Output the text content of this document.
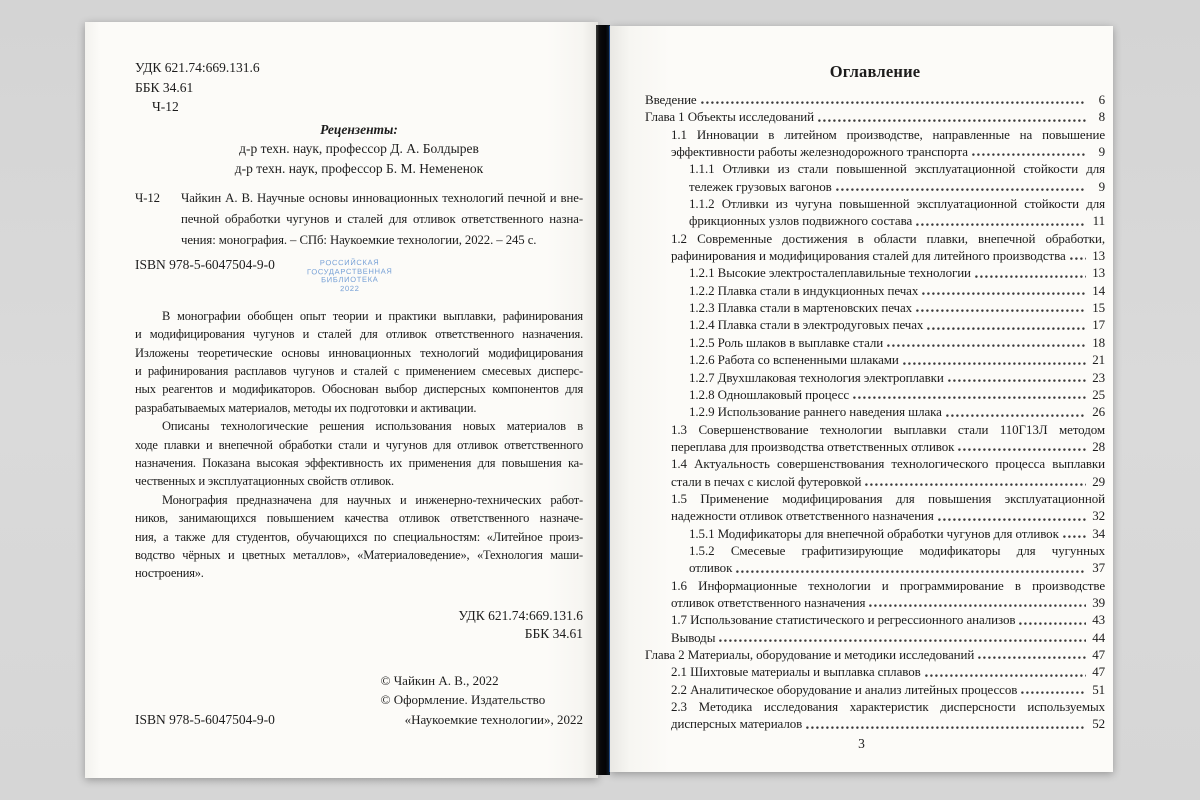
УДК 621.74:669.131.6
ББК 34.61
Ч-12
Рецензенты:
д-р техн. наук, профессор Д. А. Болдырев
д-р техн. наук, профессор Б. М. Немененок
Ч-12	Чайкин А. В. Научные основы инновационных технологий печной и вне-
печной обработки чугунов и сталей для отливок ответственного назна-
чения: монография. – СПб: Наукоемкие технологии, 2022. – 245 с.
ISBN 978-5-6047504-9-0	РОССИЙСКАЯ
ГОСУДАРСТВЕННАЯ
БИБЛИОТЕКА
2022
В монографии обобщен опыт теории и практики выплавки, рафинирования
и модифицирования чугунов и сталей для отливок ответственного назначения.
Изложены теоретические основы инновационных технологий модифицирования
и рафинирования расплавов чугунов и сталей с применением смесевых дисперс-
ных реагентов и модификаторов. Обоснован выбор дисперсных компонентов для
разрабатываемых материалов, методы их подготовки и активации.
Описаны технологические решения использования новых материалов в
ходе плавки и внепечной обработки стали и чугунов для отливок ответственного
назначения. Показана высокая эффективность их применения для повышения ка-
чественных и эксплуатационных свойств отливок.
Монография предназначена для научных и инженерно-технических работ-
ников, занимающихся повышением качества отливок ответственного назначе-
ния, а также для студентов, обучающихся по специальностям: «Литейное произ-
водство чёрных и цветных металлов», «Материаловедение», «Технология маши-
ностроения».
УДК 621.74:669.131.6
ББК 34.61
ISBN 978-5-6047504-9-0
© Чайкин А. В., 2022
© Оформление. Издательство
«Наукоемкие технологии», 2022
Оглавление
Введение	6
Глава 1 Объекты исследований	8
1.1 Инновации в литейном производстве, направленные на повышение
эффективности работы железнодорожного транспорта	9
1.1.1 Отливки из стали повышенной эксплуатационной стойкости для
тележек грузовых вагонов	9
1.1.2 Отливки из чугуна повышенной эксплуатационной стойкости для
фрикционных узлов подвижного состава	11
1.2 Современные достижения в области плавки, внепечной обработки,
рафинирования и модифицирования сталей для литейного производства	13
1.2.1 Высокие электросталеплавильные технологии	13
1.2.2 Плавка стали в индукционных печах	14
1.2.3 Плавка стали в мартеновских печах	15
1.2.4 Плавка стали в электродуговых печах	17
1.2.5 Роль шлаков в выплавке стали	18
1.2.6 Работа со вспененными шлаками	21
1.2.7 Двухшлаковая технология электроплавки	23
1.2.8 Одношлаковый процесс	25
1.2.9 Использование раннего наведения шлака	26
1.3 Совершенствование технологии выплавки стали 110Г13Л методом
переплава для производства ответственных отливок	28
1.4 Актуальность совершенствования технологического процесса выплавки
стали в печах с кислой футеровкой	29
1.5 Применение модифицирования для повышения эксплуатационной
надежности отливок ответственного назначения	32
1.5.1 Модификаторы для внепечной обработки чугунов для отливок	34
1.5.2 Смесевые графитизирующие модификаторы для чугунных
отливок	37
1.6 Информационные технологии и программирование в производстве
отливок ответственного назначения	39
1.7 Использование статистического и регрессионного анализов	43
Выводы	44
Глава 2 Материалы, оборудование и методики исследований	47
2.1 Шихтовые материалы и выплавка сплавов	47
2.2 Аналитическое оборудование и анализ литейных процессов	51
2.3 Методика исследования характеристик дисперсности используемых
дисперсных материалов	52
3
